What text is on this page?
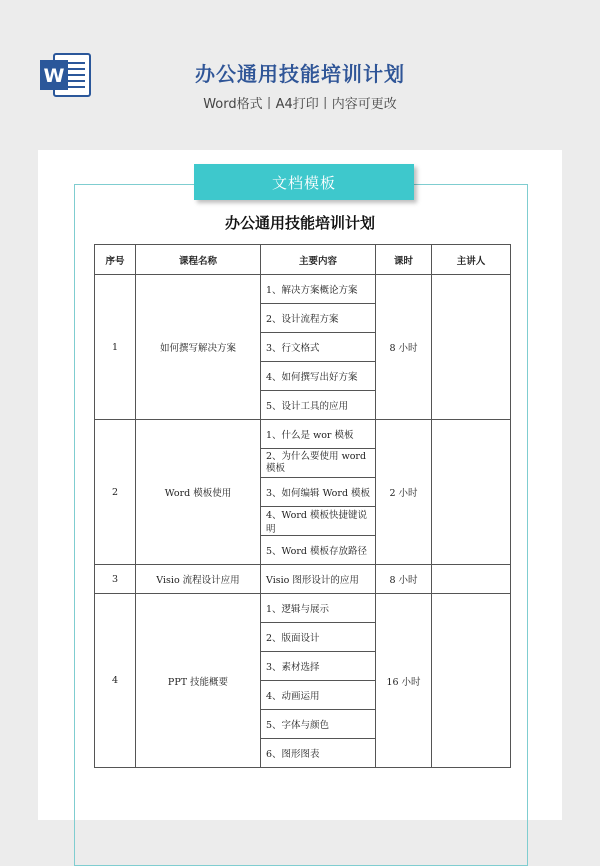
W	办公通用技能培训计划
Word格式丨A4打印丨内容可更改
文档模板
办公通用技能培训计划
序号	课程名称	主要内容	课时	主讲人
1	如何撰写解决方案	1、解决方案概论方案	8 小时	
		2、设计流程方案		
		3、行文格式		
		4、如何撰写出好方案		
		5、设计工具的应用		
2	Word 模板使用	1、什么是 wor 模板	2 小时	
		2、为什么要使用 word 模板		
		3、如何编辑 Word 模板		
		4、Word 模板快捷键说明		
		5、Word 模板存放路径		
3	Visio 流程设计应用	Visio 图形设计的应用	8 小时	
4	PPT 技能概要	1、逻辑与展示	16 小时	
		2、版面设计		
		3、素材选择		
		4、动画运用		
		5、字体与颜色		
		6、图形图表		
